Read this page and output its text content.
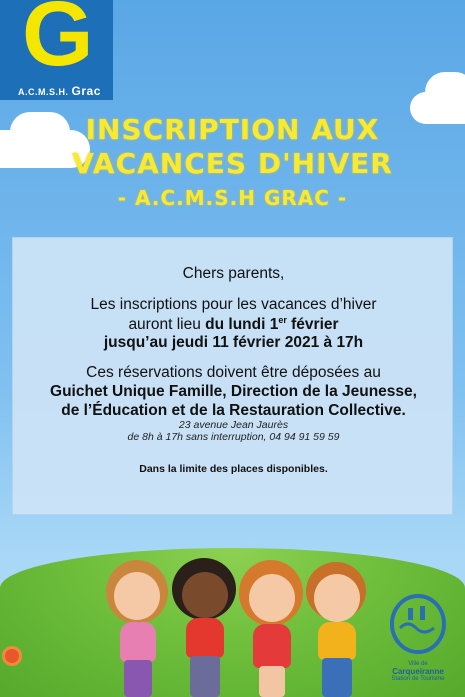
G
A.C.M.S.H. Grac
INSCRIPTION AUX
VACANCES D'HIVER
- A.C.M.S.H GRAC -
Chers parents,
Les inscriptions pour les vacances d’hiver
auront lieu du lundi 1er février
jusqu’au jeudi 11 février 2021 à 17h
Ces réservations doivent être déposées au
Guichet Unique Famille, Direction de la Jeunesse,
de l’Éducation et de la Restauration Collective.
23 avenue Jean Jaurès
de 8h à 17h sans interruption, 04 94 91 59 59
Dans la limite des places disponibles.
Ville de
Carqueiranne
Station de Tourisme
